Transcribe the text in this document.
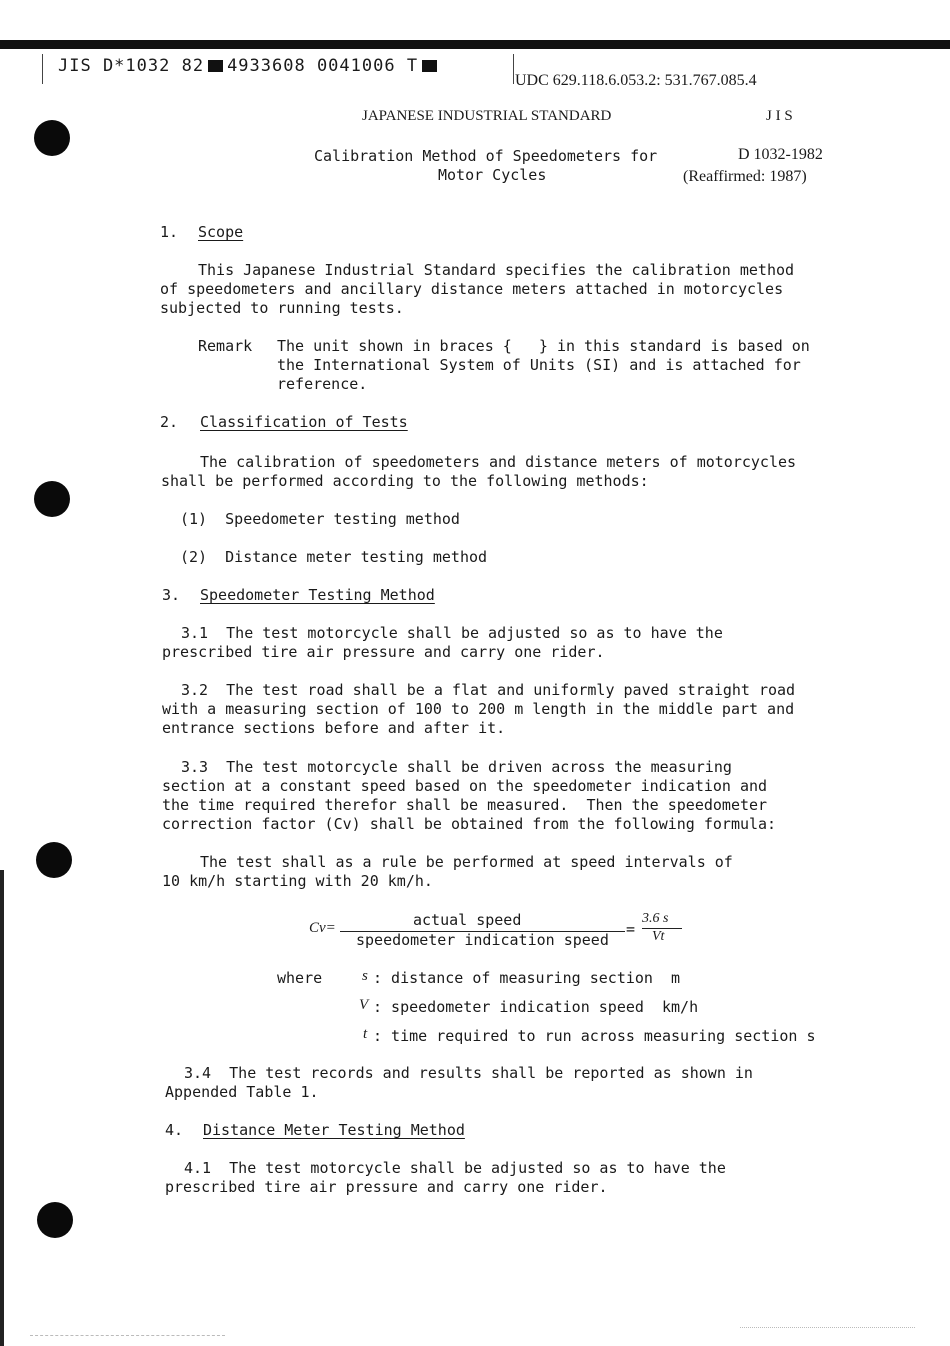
JIS D*1032 82 4933608 0041006 T
UDC 629.118.6.053.2: 531.767.085.4
JAPANESE INDUSTRIAL STANDARD	J I S
Calibration Method of Speedometers for
Motor Cycles
D 1032-1982
(Reaffirmed: 1987)
1. Scope
This Japanese Industrial Standard specifies the calibration method
of speedometers and ancillary distance meters attached in motorcycles
subjected to running tests.
Remark The unit shown in braces {   } in this standard is based on
the International System of Units (SI) and is attached for
reference.
2. Classification of Tests
The calibration of speedometers and distance meters of motorcycles
shall be performed according to the following methods:
(1)  Speedometer testing method
(2)  Distance meter testing method
3. Speedometer Testing Method
3.1  The test motorcycle shall be adjusted so as to have the
prescribed tire air pressure and carry one rider.
3.2  The test road shall be a flat and uniformly paved straight road
with a measuring section of 100 to 200 m length in the middle part and
entrance sections before and after it.
3.3  The test motorcycle shall be driven across the measuring
section at a constant speed based on the speedometer indication and
the time required therefor shall be measured.  Then the speedometer
correction factor (Cv) shall be obtained from the following formula:
The test shall as a rule be performed at speed intervals of
10 km/h starting with 20 km/h.
Cv=	actual speed
speedometer indication speed
=
3.6 s
Vt
where	s : distance of measuring section  m
V : speedometer indication speed  km/h
t : time required to run across measuring section s
3.4  The test records and results shall be reported as shown in
Appended Table 1.
4. Distance Meter Testing Method
4.1  The test motorcycle shall be adjusted so as to have the
prescribed tire air pressure and carry one rider.
